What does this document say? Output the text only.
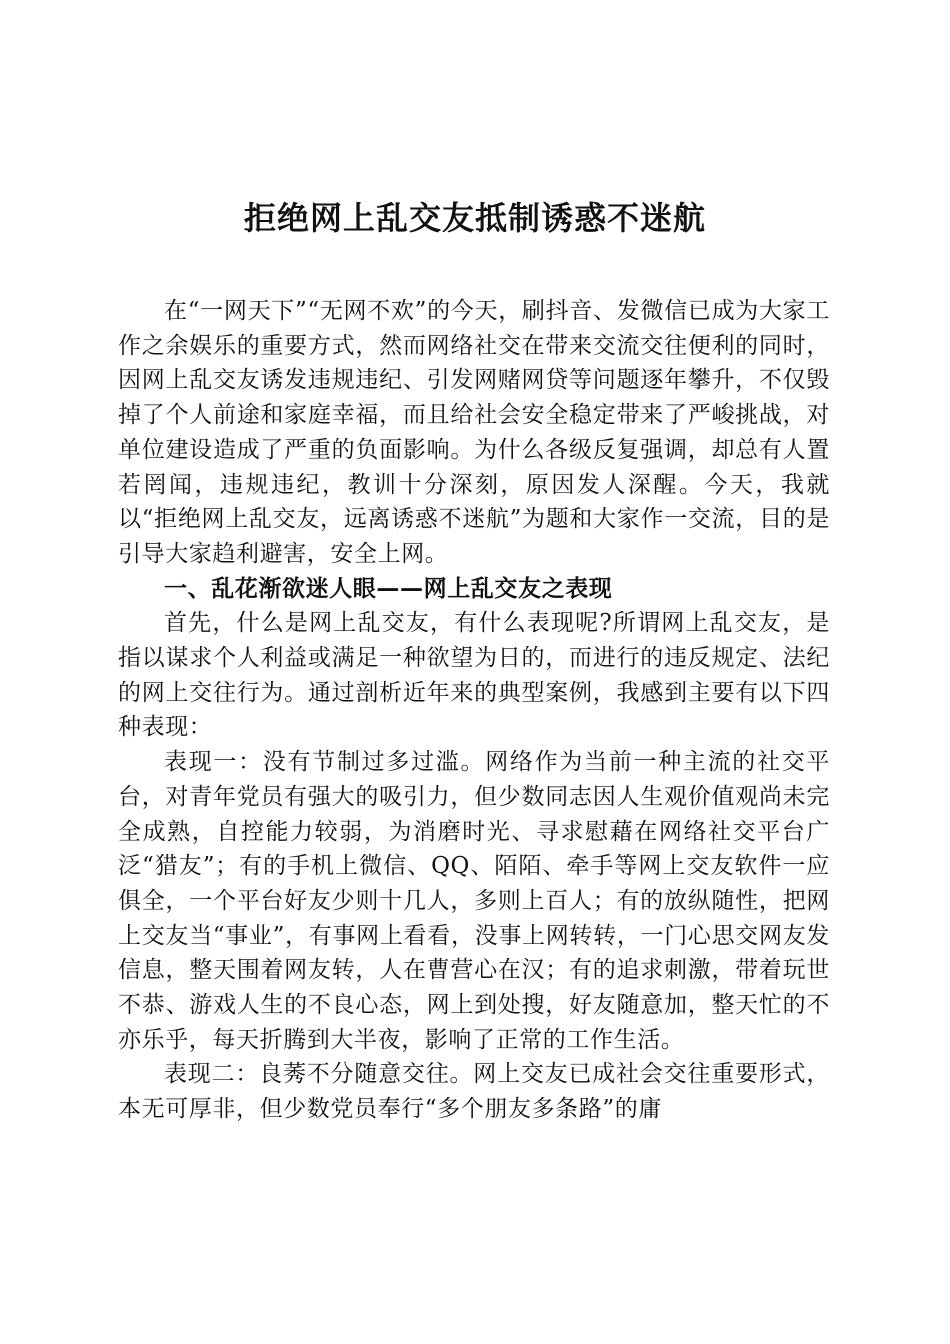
拒绝网上乱交友抵制诱惑不迷航

在“一网天下”“无网不欢”的今天，刷抖音、发微信已成为大家工作之余娱乐的重要方式，然而网络社交在带来交流交往便利的同时，因网上乱交友诱发违规违纪、引发网赌网贷等问题逐年攀升，不仅毁掉了个人前途和家庭幸福，而且给社会安全稳定带来了严峻挑战，对单位建设造成了严重的负面影响。为什么各级反复强调，却总有人置若罔闻，违规违纪，教训十分深刻，原因发人深醒。今天，我就以“拒绝网上乱交友，远离诱惑不迷航”为题和大家作一交流，目的是引导大家趋利避害，安全上网。

一、乱花渐欲迷人眼——网上乱交友之表现

首先，什么是网上乱交友，有什么表现呢?所谓网上乱交友，是指以谋求个人利益或满足一种欲望为日的，而进行的违反规定、法纪的网上交往行为。通过剖析近年来的典型案例，我感到主要有以下四种表现：

表现一：没有节制过多过滥。网络作为当前一种主流的社交平台，对青年党员有强大的吸引力，但少数同志因人生观价值观尚未完全成熟，自控能力较弱，为消磨时光、寻求慰藉在网络社交平台广泛“猎友”；有的手机上微信、QQ、陌陌、牵手等网上交友软件一应俱全，一个平台好友少则十几人，多则上百人；有的放纵随性，把网上交友当“事业”，有事网上看看，没事上网转转，一门心思交网友发信息，整天围着网友转，人在曹营心在汉；有的追求刺激，带着玩世不恭、游戏人生的不良心态，网上到处搜，好友随意加，整天忙的不亦乐乎，每天折腾到大半夜，影响了正常的工作生活。

表现二：良莠不分随意交往。网上交友已成社会交往重要形式，本无可厚非，但少数党员奉行“多个朋友多条路”的庸
